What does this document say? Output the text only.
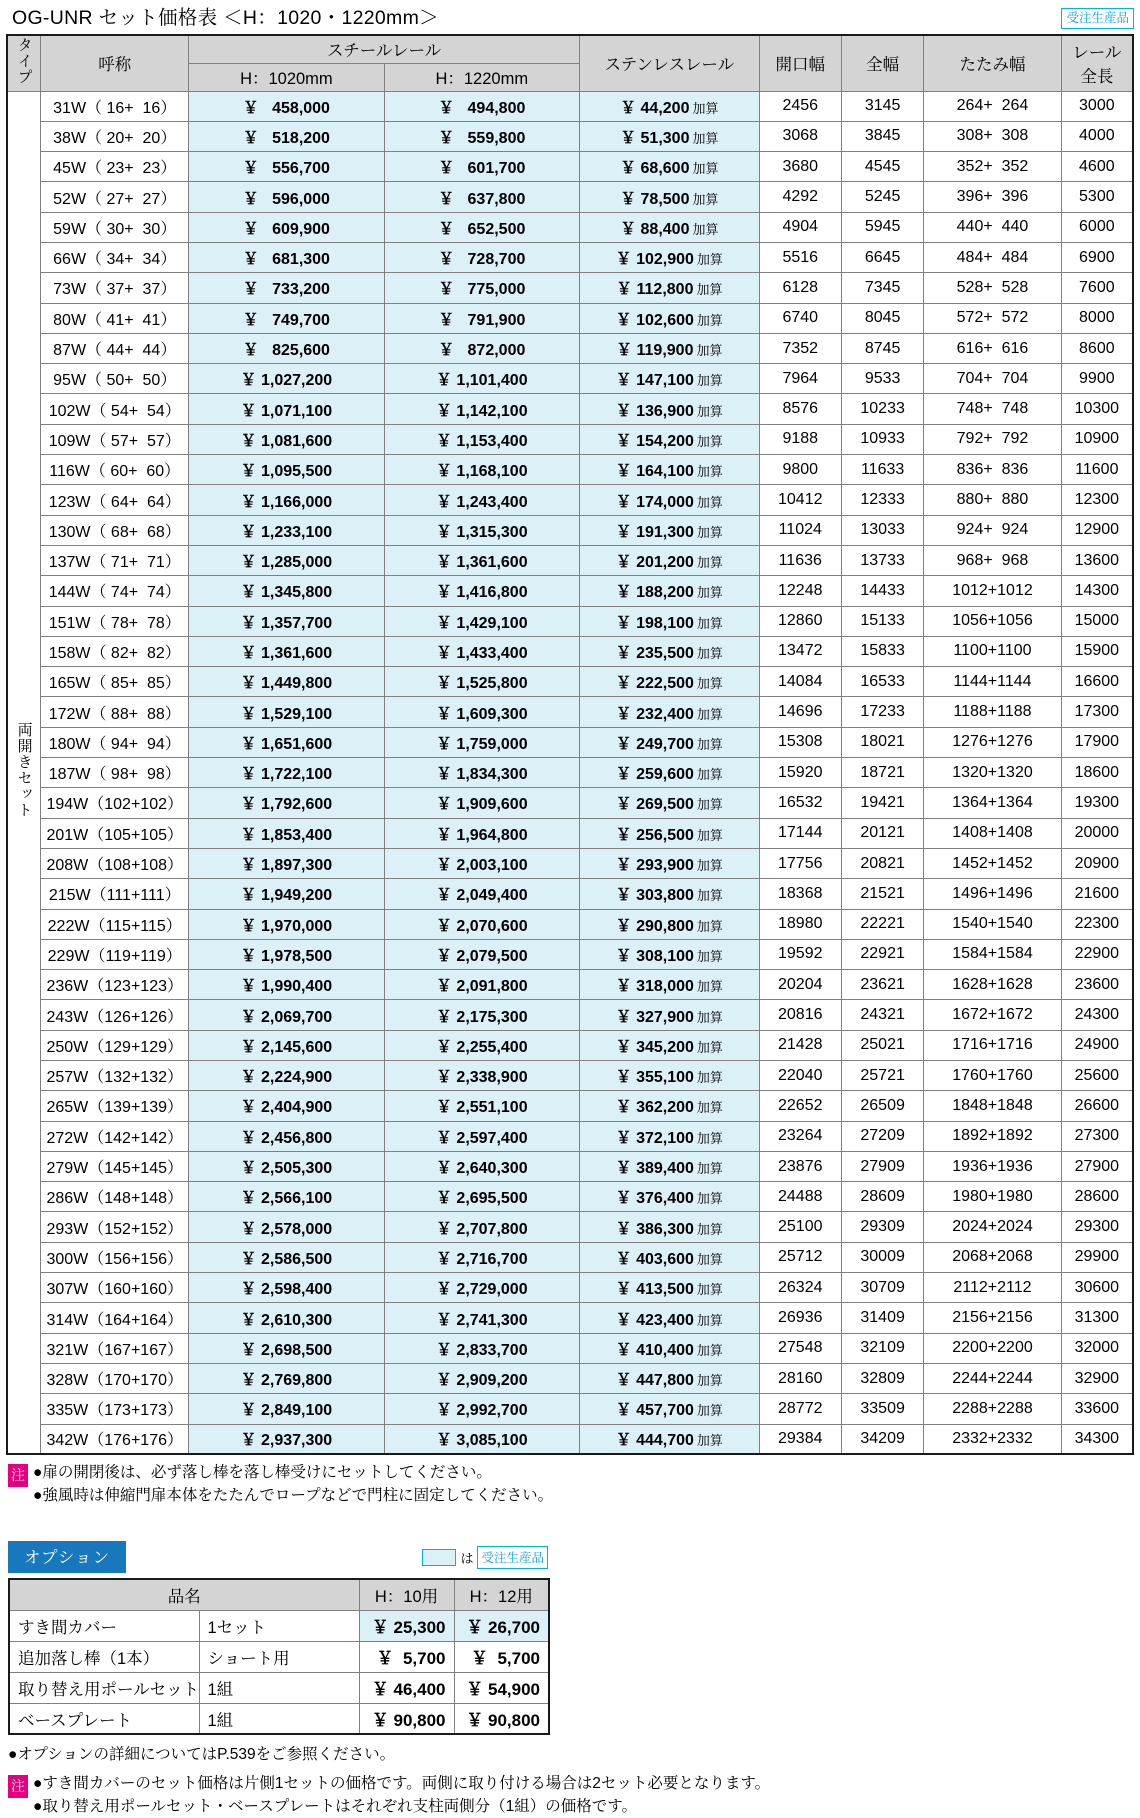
OG-UNR セット価格表 ＜H：1020・1220mm＞	受注生産品
タイプ	呼称	スチールレール		ステンレスレール	開口幅	全幅	たたみ幅	レール
全長
		H：1020mm	H：1220mm					
両開きセット	31W（ 16+  16）	￥   458,000	￥   494,800	￥ 44,200 加算	2456	3145	264+  264	3000
	38W（ 20+  20）	￥   518,200	￥   559,800	￥ 51,300 加算	3068	3845	308+  308	4000
	45W（ 23+  23）	￥   556,700	￥   601,700	￥ 68,600 加算	3680	4545	352+  352	4600
	52W（ 27+  27）	￥   596,000	￥   637,800	￥ 78,500 加算	4292	5245	396+  396	5300
	59W（ 30+  30）	￥   609,900	￥   652,500	￥ 88,400 加算	4904	5945	440+  440	6000
	66W（ 34+  34）	￥   681,300	￥   728,700	￥ 102,900 加算	5516	6645	484+  484	6900
	73W（ 37+  37）	￥   733,200	￥   775,000	￥ 112,800 加算	6128	7345	528+  528	7600
	80W（ 41+  41）	￥   749,700	￥   791,900	￥ 102,600 加算	6740	8045	572+  572	8000
	87W（ 44+  44）	￥   825,600	￥   872,000	￥ 119,900 加算	7352	8745	616+  616	8600
	95W（ 50+  50）	￥ 1,027,200	￥ 1,101,400	￥ 147,100 加算	7964	9533	704+  704	9900
	102W（ 54+  54）	￥ 1,071,100	￥ 1,142,100	￥ 136,900 加算	8576	10233	748+  748	10300
	109W（ 57+  57）	￥ 1,081,600	￥ 1,153,400	￥ 154,200 加算	9188	10933	792+  792	10900
	116W（ 60+  60）	￥ 1,095,500	￥ 1,168,100	￥ 164,100 加算	9800	11633	836+  836	11600
	123W（ 64+  64）	￥ 1,166,000	￥ 1,243,400	￥ 174,000 加算	10412	12333	880+  880	12300
	130W（ 68+  68）	￥ 1,233,100	￥ 1,315,300	￥ 191,300 加算	11024	13033	924+  924	12900
	137W（ 71+  71）	￥ 1,285,000	￥ 1,361,600	￥ 201,200 加算	11636	13733	968+  968	13600
	144W（ 74+  74）	￥ 1,345,800	￥ 1,416,800	￥ 188,200 加算	12248	14433	1012+1012	14300
	151W（ 78+  78）	￥ 1,357,700	￥ 1,429,100	￥ 198,100 加算	12860	15133	1056+1056	15000
	158W（ 82+  82）	￥ 1,361,600	￥ 1,433,400	￥ 235,500 加算	13472	15833	1100+1100	15900
	165W（ 85+  85）	￥ 1,449,800	￥ 1,525,800	￥ 222,500 加算	14084	16533	1144+1144	16600
	172W（ 88+  88）	￥ 1,529,100	￥ 1,609,300	￥ 232,400 加算	14696	17233	1188+1188	17300
	180W（ 94+  94）	￥ 1,651,600	￥ 1,759,000	￥ 249,700 加算	15308	18021	1276+1276	17900
	187W（ 98+  98）	￥ 1,722,100	￥ 1,834,300	￥ 259,600 加算	15920	18721	1320+1320	18600
	194W（102+102）	￥ 1,792,600	￥ 1,909,600	￥ 269,500 加算	16532	19421	1364+1364	19300
	201W（105+105）	￥ 1,853,400	￥ 1,964,800	￥ 256,500 加算	17144	20121	1408+1408	20000
	208W（108+108）	￥ 1,897,300	￥ 2,003,100	￥ 293,900 加算	17756	20821	1452+1452	20900
	215W（111+111）	￥ 1,949,200	￥ 2,049,400	￥ 303,800 加算	18368	21521	1496+1496	21600
	222W（115+115）	￥ 1,970,000	￥ 2,070,600	￥ 290,800 加算	18980	22221	1540+1540	22300
	229W（119+119）	￥ 1,978,500	￥ 2,079,500	￥ 308,100 加算	19592	22921	1584+1584	22900
	236W（123+123）	￥ 1,990,400	￥ 2,091,800	￥ 318,000 加算	20204	23621	1628+1628	23600
	243W（126+126）	￥ 2,069,700	￥ 2,175,300	￥ 327,900 加算	20816	24321	1672+1672	24300
	250W（129+129）	￥ 2,145,600	￥ 2,255,400	￥ 345,200 加算	21428	25021	1716+1716	24900
	257W（132+132）	￥ 2,224,900	￥ 2,338,900	￥ 355,100 加算	22040	25721	1760+1760	25600
	265W（139+139）	￥ 2,404,900	￥ 2,551,100	￥ 362,200 加算	22652	26509	1848+1848	26600
	272W（142+142）	￥ 2,456,800	￥ 2,597,400	￥ 372,100 加算	23264	27209	1892+1892	27300
	279W（145+145）	￥ 2,505,300	￥ 2,640,300	￥ 389,400 加算	23876	27909	1936+1936	27900
	286W（148+148）	￥ 2,566,100	￥ 2,695,500	￥ 376,400 加算	24488	28609	1980+1980	28600
	293W（152+152）	￥ 2,578,000	￥ 2,707,800	￥ 386,300 加算	25100	29309	2024+2024	29300
	300W（156+156）	￥ 2,586,500	￥ 2,716,700	￥ 403,600 加算	25712	30009	2068+2068	29900
	307W（160+160）	￥ 2,598,400	￥ 2,729,000	￥ 413,500 加算	26324	30709	2112+2112	30600
	314W（164+164）	￥ 2,610,300	￥ 2,741,300	￥ 423,400 加算	26936	31409	2156+2156	31300
	321W（167+167）	￥ 2,698,500	￥ 2,833,700	￥ 410,400 加算	27548	32109	2200+2200	32000
	328W（170+170）	￥ 2,769,800	￥ 2,909,200	￥ 447,800 加算	28160	32809	2244+2244	32900
	335W（173+173）	￥ 2,849,100	￥ 2,992,700	￥ 457,700 加算	28772	33509	2288+2288	33600
	342W（176+176）	￥ 2,937,300	￥ 3,085,100	￥ 444,700 加算	29384	34209	2332+2332	34300
注 ●扉の開閉後は、必ず落し棒を落し棒受けにセットしてください。
●強風時は伸縮門扉本体をたたんでロープなどで門柱に固定してください。
オプション	は 受注生産品
品名		H：10用	H：12用
すき間カバー	1セット	￥ 25,300	￥ 26,700
追加落し棒（1本）	ショート用	￥  5,700	￥  5,700
取り替え用ポールセット	1組	￥ 46,400	￥ 54,900
ベースプレート	1組	￥ 90,800	￥ 90,800
●オプションの詳細についてはP.539をご参照ください。
注 ●すき間カバーのセット価格は片側1セットの価格です。両側に取り付ける場合は2セット必要となります。
●取り替え用ポールセット・ベースプレートはそれぞれ支柱両側分（1組）の価格です。
